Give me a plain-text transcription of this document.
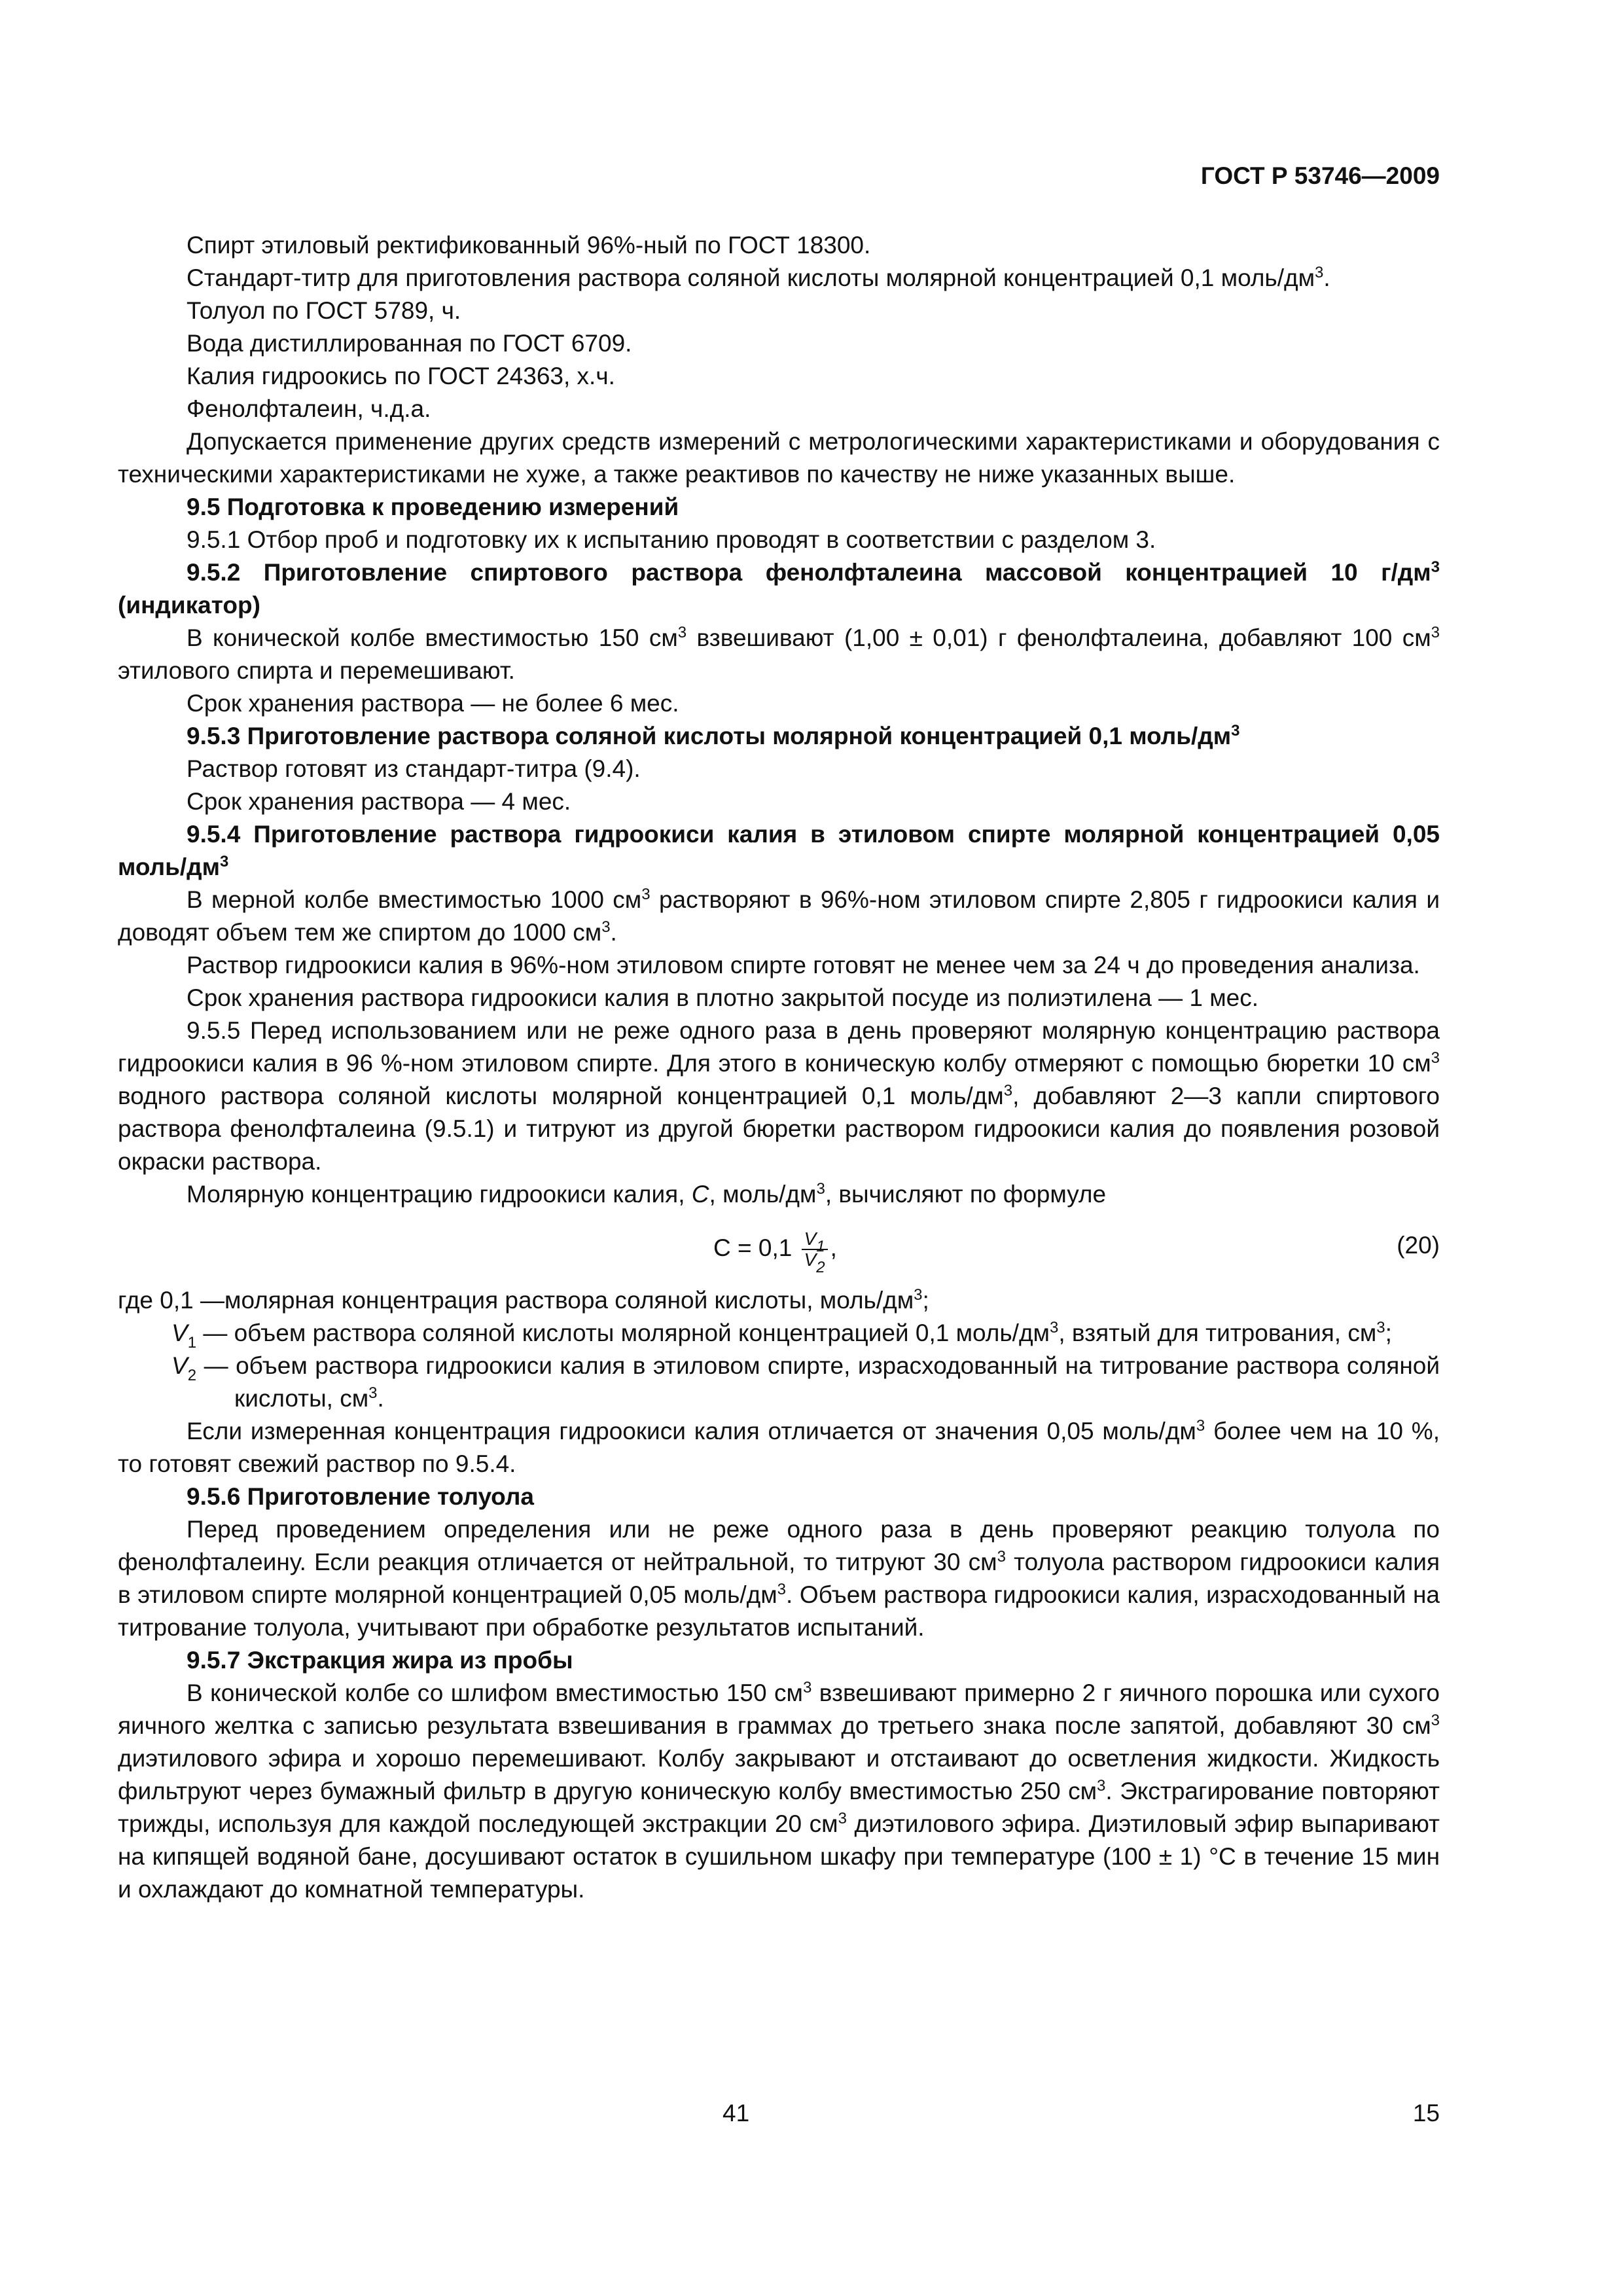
ГОСТ Р 53746—2009

Спирт этиловый ректификованный 96%-ный по ГОСТ 18300.

Стандарт-титр для приготовления раствора соляной кислоты молярной концентрацией 0,1 моль/$дм^3$.

Толуол по ГОСТ 5789, ч.

Вода дистиллированная по ГОСТ 6709.

Калия гидроокись по ГОСТ 24363, х.ч.

Фенолфталеин, ч.д.а.

Допускается применение других средств измерений с метрологическими характеристиками и оборудования с техническими характеристиками не хуже, а также реактивов по качеству не ниже указанных выше.

9.5 Подготовка к проведению измерений

9.5.1 Отбор проб и подготовку их к испытанию проводят в соответствии с разделом 3.

9.5.2 Приготовление спиртового раствора фенолфталеина массовой концентрацией 10 $г/дм^3$ (индикатор)

В конической колбе вместимостью 150 $см^3$ взвешивают (1,00 ± 0,01) г фенолфталеина, добавляют 100 $см^3$ этилового спирта и перемешивают.

Срок хранения раствора — не более 6 мес.

9.5.3 Приготовление раствора соляной кислоты молярной концентрацией 0,1 моль/$дм^3$

Раствор готовят из стандарт-титра (9.4).

Срок хранения раствора — 4 мес.

9.5.4 Приготовление раствора гидроокиси калия в этиловом спирте молярной концентрацией 0,05 моль/$дм^3$

В мерной колбе вместимостью 1000 $см^3$ растворяют в 96%-ном этиловом спирте 2,805 г гидроокиси калия и доводят объем тем же спиртом до 1000 $см^3$.

Раствор гидроокиси калия в 96%-ном этиловом спирте готовят не менее чем за 24 ч до проведения анализа.

Срок хранения раствора гидроокиси калия в плотно закрытой посуде из полиэтилена — 1 мес.

9.5.5 Перед использованием или не реже одного раза в день проверяют молярную концентрацию раствора гидроокиси калия в 96 %-ном этиловом спирте. Для этого в коническую колбу отмеряют с помощью бюретки 10 $см^3$ водного раствора соляной кислоты молярной концентрацией 0,1 моль/$дм^3$, добавляют 2—3 капли спиртового раствора фенолфталеина (9.5.1) и титруют из другой бюретки раствором гидроокиси калия до появления розовой окраски раствора.

Молярную концентрацию гидроокиси калия, С, моль/$дм^3$, вычисляют по формуле

$С = 0,1 \frac{V_1}{V_2}$ ,	(20)
где 0,1 — молярная концентрация раствора соляной кислоты, моль/$дм^3$;

$V_1$ — объем раствора соляной кислоты молярной концентрацией 0,1 моль/$дм^3$, взятый для титрования, $см^3$;

$V_2$ — объем раствора гидроокиси калия в этиловом спирте, израсходованный на титрование раствора соляной кислоты, $см^3$.

Если измеренная концентрация гидроокиси калия отличается от значения 0,05 моль/$дм^3$ более чем на 10 %, то готовят свежий раствор по 9.5.4.

9.5.6 Приготовление толуола

Перед проведением определения или не реже одного раза в день проверяют реакцию толуола по фенолфталеину. Если реакция отличается от нейтральной, то титруют 30 $см^3$ толуола раствором гидроокиси калия в этиловом спирте молярной концентрацией 0,05 моль/$дм^3$. Объем раствора гидроокиси калия, израсходованный на титрование толуола, учитывают при обработке результатов испытаний.

9.5.7 Экстракция жира из пробы

В конической колбе со шлифом вместимостью 150 $см^3$ взвешивают примерно 2 г яичного порошка или сухого яичного желтка с записью результата взвешивания в граммах до третьего знака после запятой, добавляют 30 $см^3$ диэтилового эфира и хорошо перемешивают. Колбу закрывают и отстаивают до осветления жидкости. Жидкость фильтруют через бумажный фильтр в другую коническую колбу вместимостью 250 $см^3$. Экстрагирование повторяют трижды, используя для каждой последующей экстракции 20 $см^3$ диэтилового эфира. Диэтиловый эфир выпаривают на кипящей водяной бане, досушивают остаток в сушильном шкафу при температуре (100 ± 1) °С в течение 15 мин и охлаждают до комнатной температуры.

41	15
